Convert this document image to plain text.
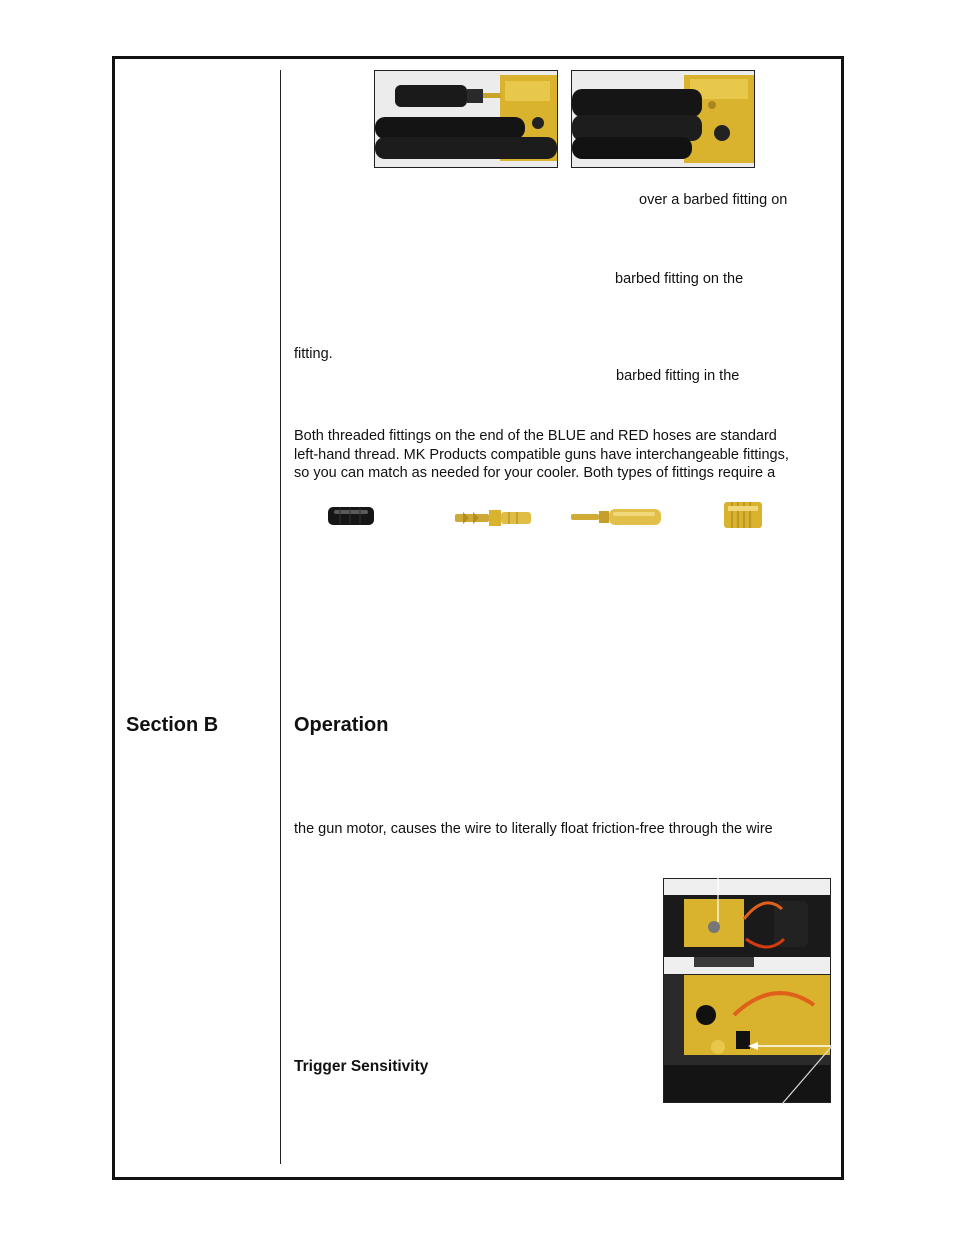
over a barbed fitting on
barbed fitting on the
fitting.
barbed fitting in the
Both threaded fittings on the end of the BLUE and RED hoses are standard
left-hand thread. MK Products compatible guns have interchangeable fittings,
so you can match as needed for your cooler. Both types of fittings require a
Section B	Operation
the gun motor, causes the wire to literally float friction-free through the wire
Trigger Sensitivity
